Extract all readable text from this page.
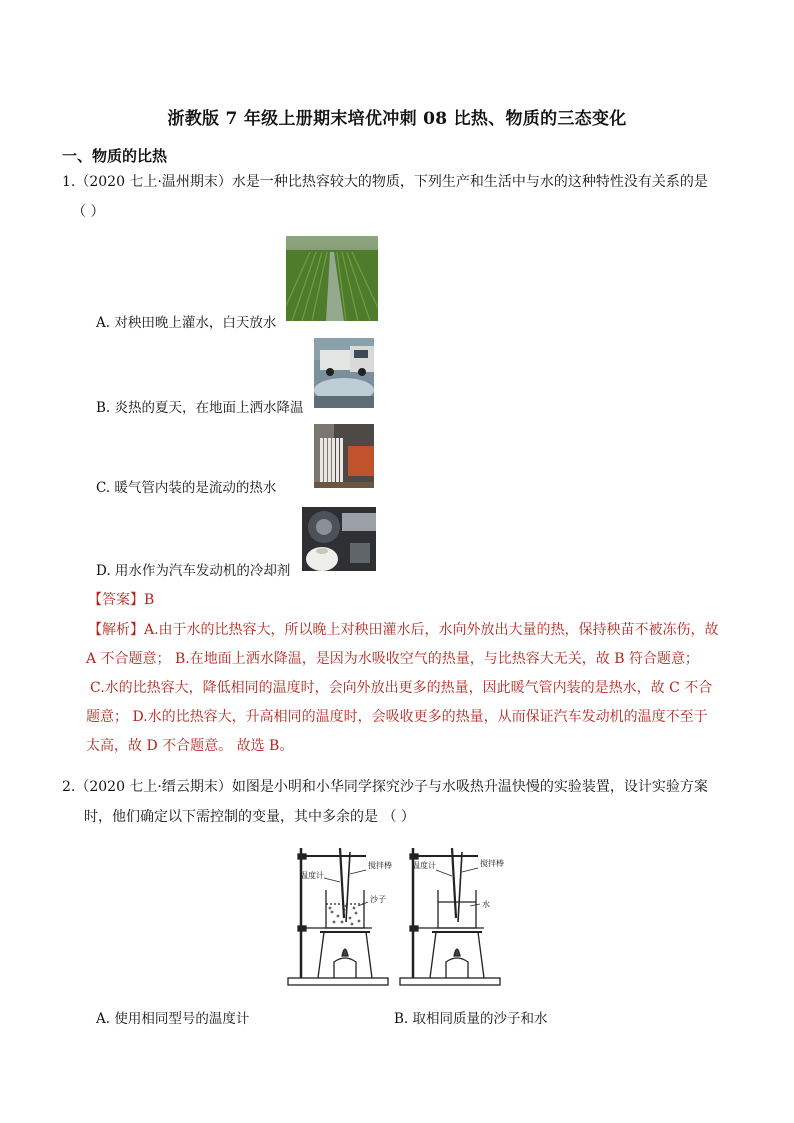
浙教版 7 年级上册期末培优冲刺 08 比热、物质的三态变化
一、物质的比热
1.（2020 七上·温州期末）水是一种比热容较大的物质，下列生产和生活中与水的这种特性没有关系的是
（ ）
A. 对秧田晚上灌水，白天放水
B. 炎热的夏天，在地面上洒水降温
C. 暖气管内装的是流动的热水
D. 用水作为汽车发动机的冷却剂
【答案】B
【解析】A.由于水的比热容大，所以晚上对秧田灌水后，水向外放出大量的热，保持秧苗不被冻伤，故
A 不合题意； B.在地面上洒水降温，是因为水吸收空气的热量，与比热容大无关，故 B 符合题意；
C.水的比热容大，降低相同的温度时，会向外放出更多的热量，因此暖气管内装的是热水，故 C 不合
题意； D.水的比热容大，升高相同的温度时，会吸收更多的热量，从而保证汽车发动机的温度不至于
太高，故 D 不合题意。 故选 B。
2.（2020 七上·缙云期末）如图是小明和小华同学探究沙子与水吸热升温快慢的实验装置，设计实验方案
时，他们确定以下需控制的变量，其中多余的是 （ ）
温度计
搅拌棒
沙子
温度计	搅拌棒
水
A. 使用相同型号的温度计	B. 取相同质量的沙子和水
